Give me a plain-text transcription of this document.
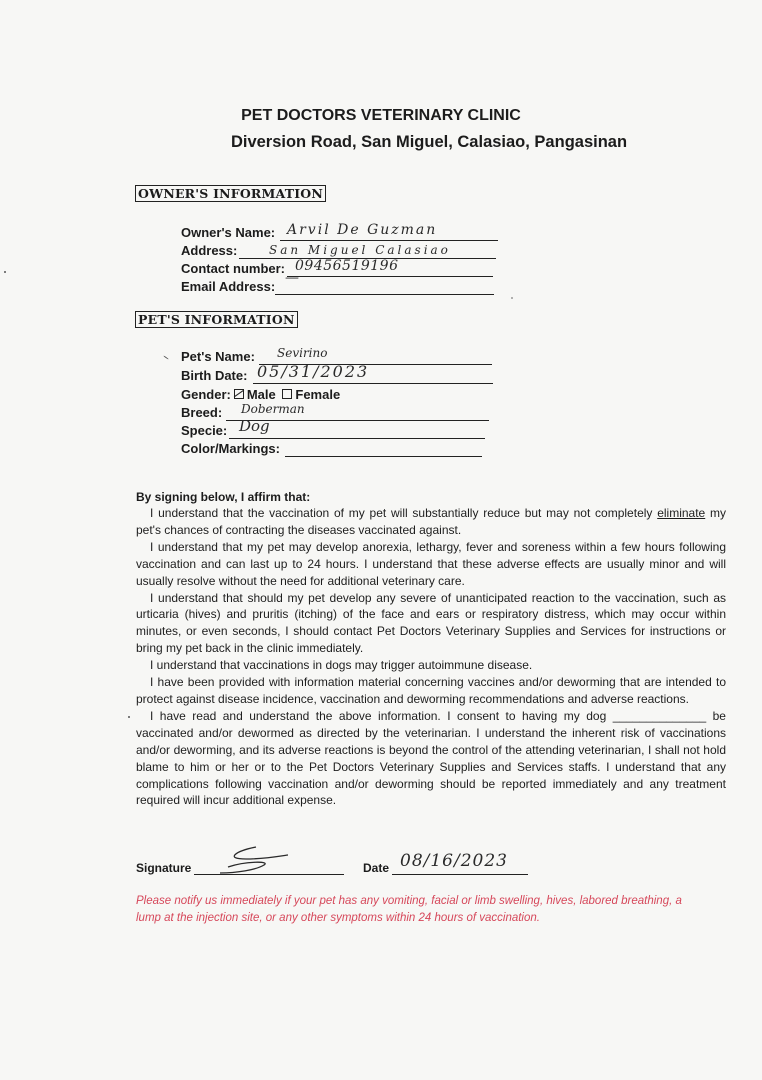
PET DOCTORS VETERINARY CLINIC
Diversion Road, San Miguel, Calasiao, Pangasinan
OWNER'S INFORMATION
Owner's Name: Arvil De Guzman
Address:	San Miguel Calasiao
Contact number: 09456519196
Email Address:
—
PET'S INFORMATION
Pet's Name: Sevirino
Birth Date: 05/31/2023
Gender: Male Female
Breed: Doberman
Specie: Dog
Color/Markings:
By signing below, I affirm that:

I understand that the vaccination of my pet will substantially reduce but may not completely eliminate my pet's chances of contracting the diseases vaccinated against.

I understand that my pet may develop anorexia, lethargy, fever and soreness within a few hours following vaccination and can last up to 24 hours. I understand that these adverse effects are usually minor and will usually resolve without the need for additional veterinary care.

I understand that should my pet develop any severe of unanticipated reaction to the vaccination, such as urticaria (hives) and pruritis (itching) of the face and ears or respiratory distress, which may occur within minutes, or even seconds, I should contact Pet Doctors Veterinary Supplies and Services for instructions or bring my pet back in the clinic immediately.

I understand that vaccinations in dogs may trigger autoimmune disease.

I have been provided with information material concerning vaccines and/or deworming that are intended to protect against disease incidence, vaccination and deworming recommendations and adverse reactions.

I have read and understand the above information. I consent to having my dog ______________ be vaccinated and/or dewormed as directed by the veterinarian. I understand the inherent risk of vaccinations and/or deworming, and its adverse reactions is beyond the control of the attending veterinarian, I shall not hold blame to him or her or to the Pet Doctors Veterinary Supplies and Services staffs. I understand that any complications following vaccination and/or deworming should be reported immediately and any treatment required will incur additional expense.

Signature	Date 08/16/2023
Please notify us immediately if your pet has any vomiting, facial or limb swelling, hives, labored breathing, a lump at the injection site, or any other symptoms within 24 hours of vaccination.
